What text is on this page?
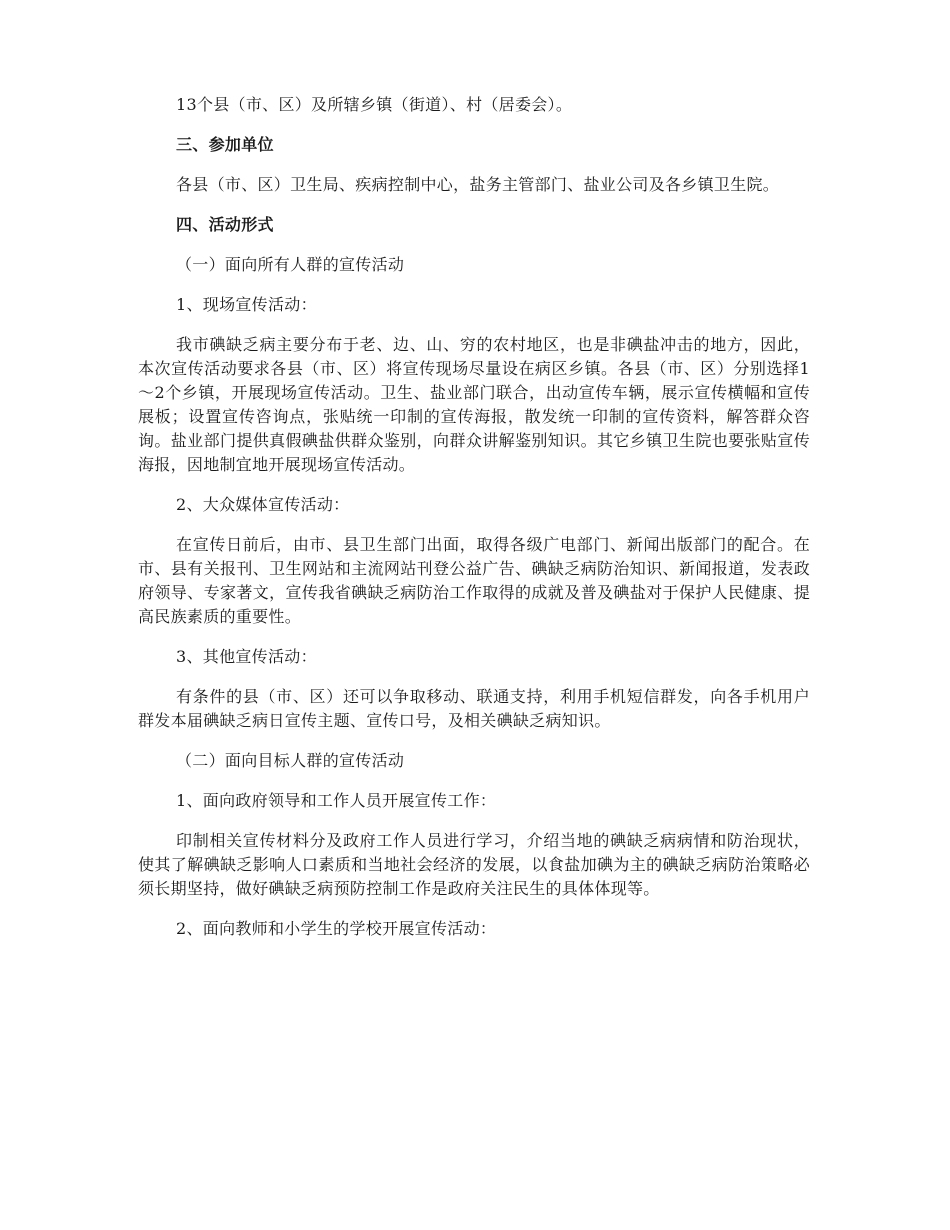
13个县（市、区）及所辖乡镇（街道）、村（居委会）。

三、参加单位

各县（市、区）卫生局、疾病控制中心，盐务主管部门、盐业公司及各乡镇卫生院。

四、活动形式

（一）面向所有人群的宣传活动

1、现场宣传活动：

我市碘缺乏病主要分布于老、边、山、穷的农村地区，也是非碘盐冲击的地方，因此，本次宣传活动要求各县（市、区）将宣传现场尽量设在病区乡镇。各县（市、区）分别选择1～2个乡镇，开展现场宣传活动。卫生、盐业部门联合，出动宣传车辆，展示宣传横幅和宣传展板；设置宣传咨询点，张贴统一印制的宣传海报，散发统一印制的宣传资料，解答群众咨询。盐业部门提供真假碘盐供群众鉴别，向群众讲解鉴别知识。其它乡镇卫生院也要张贴宣传海报，因地制宜地开展现场宣传活动。

2、大众媒体宣传活动：

在宣传日前后，由市、县卫生部门出面，取得各级广电部门、新闻出版部门的配合。在市、县有关报刊、卫生网站和主流网站刊登公益广告、碘缺乏病防治知识、新闻报道，发表政府领导、专家著文，宣传我省碘缺乏病防治工作取得的成就及普及碘盐对于保护人民健康、提高民族素质的重要性。

3、其他宣传活动：

有条件的县（市、区）还可以争取移动、联通支持，利用手机短信群发，向各手机用户群发本届碘缺乏病日宣传主题、宣传口号，及相关碘缺乏病知识。

（二）面向目标人群的宣传活动

1、面向政府领导和工作人员开展宣传工作：

印制相关宣传材料分及政府工作人员进行学习，介绍当地的碘缺乏病病情和防治现状，使其了解碘缺乏影响人口素质和当地社会经济的发展，以食盐加碘为主的碘缺乏病防治策略必须长期坚持，做好碘缺乏病预防控制工作是政府关注民生的具体体现等。

2、面向教师和小学生的学校开展宣传活动：
